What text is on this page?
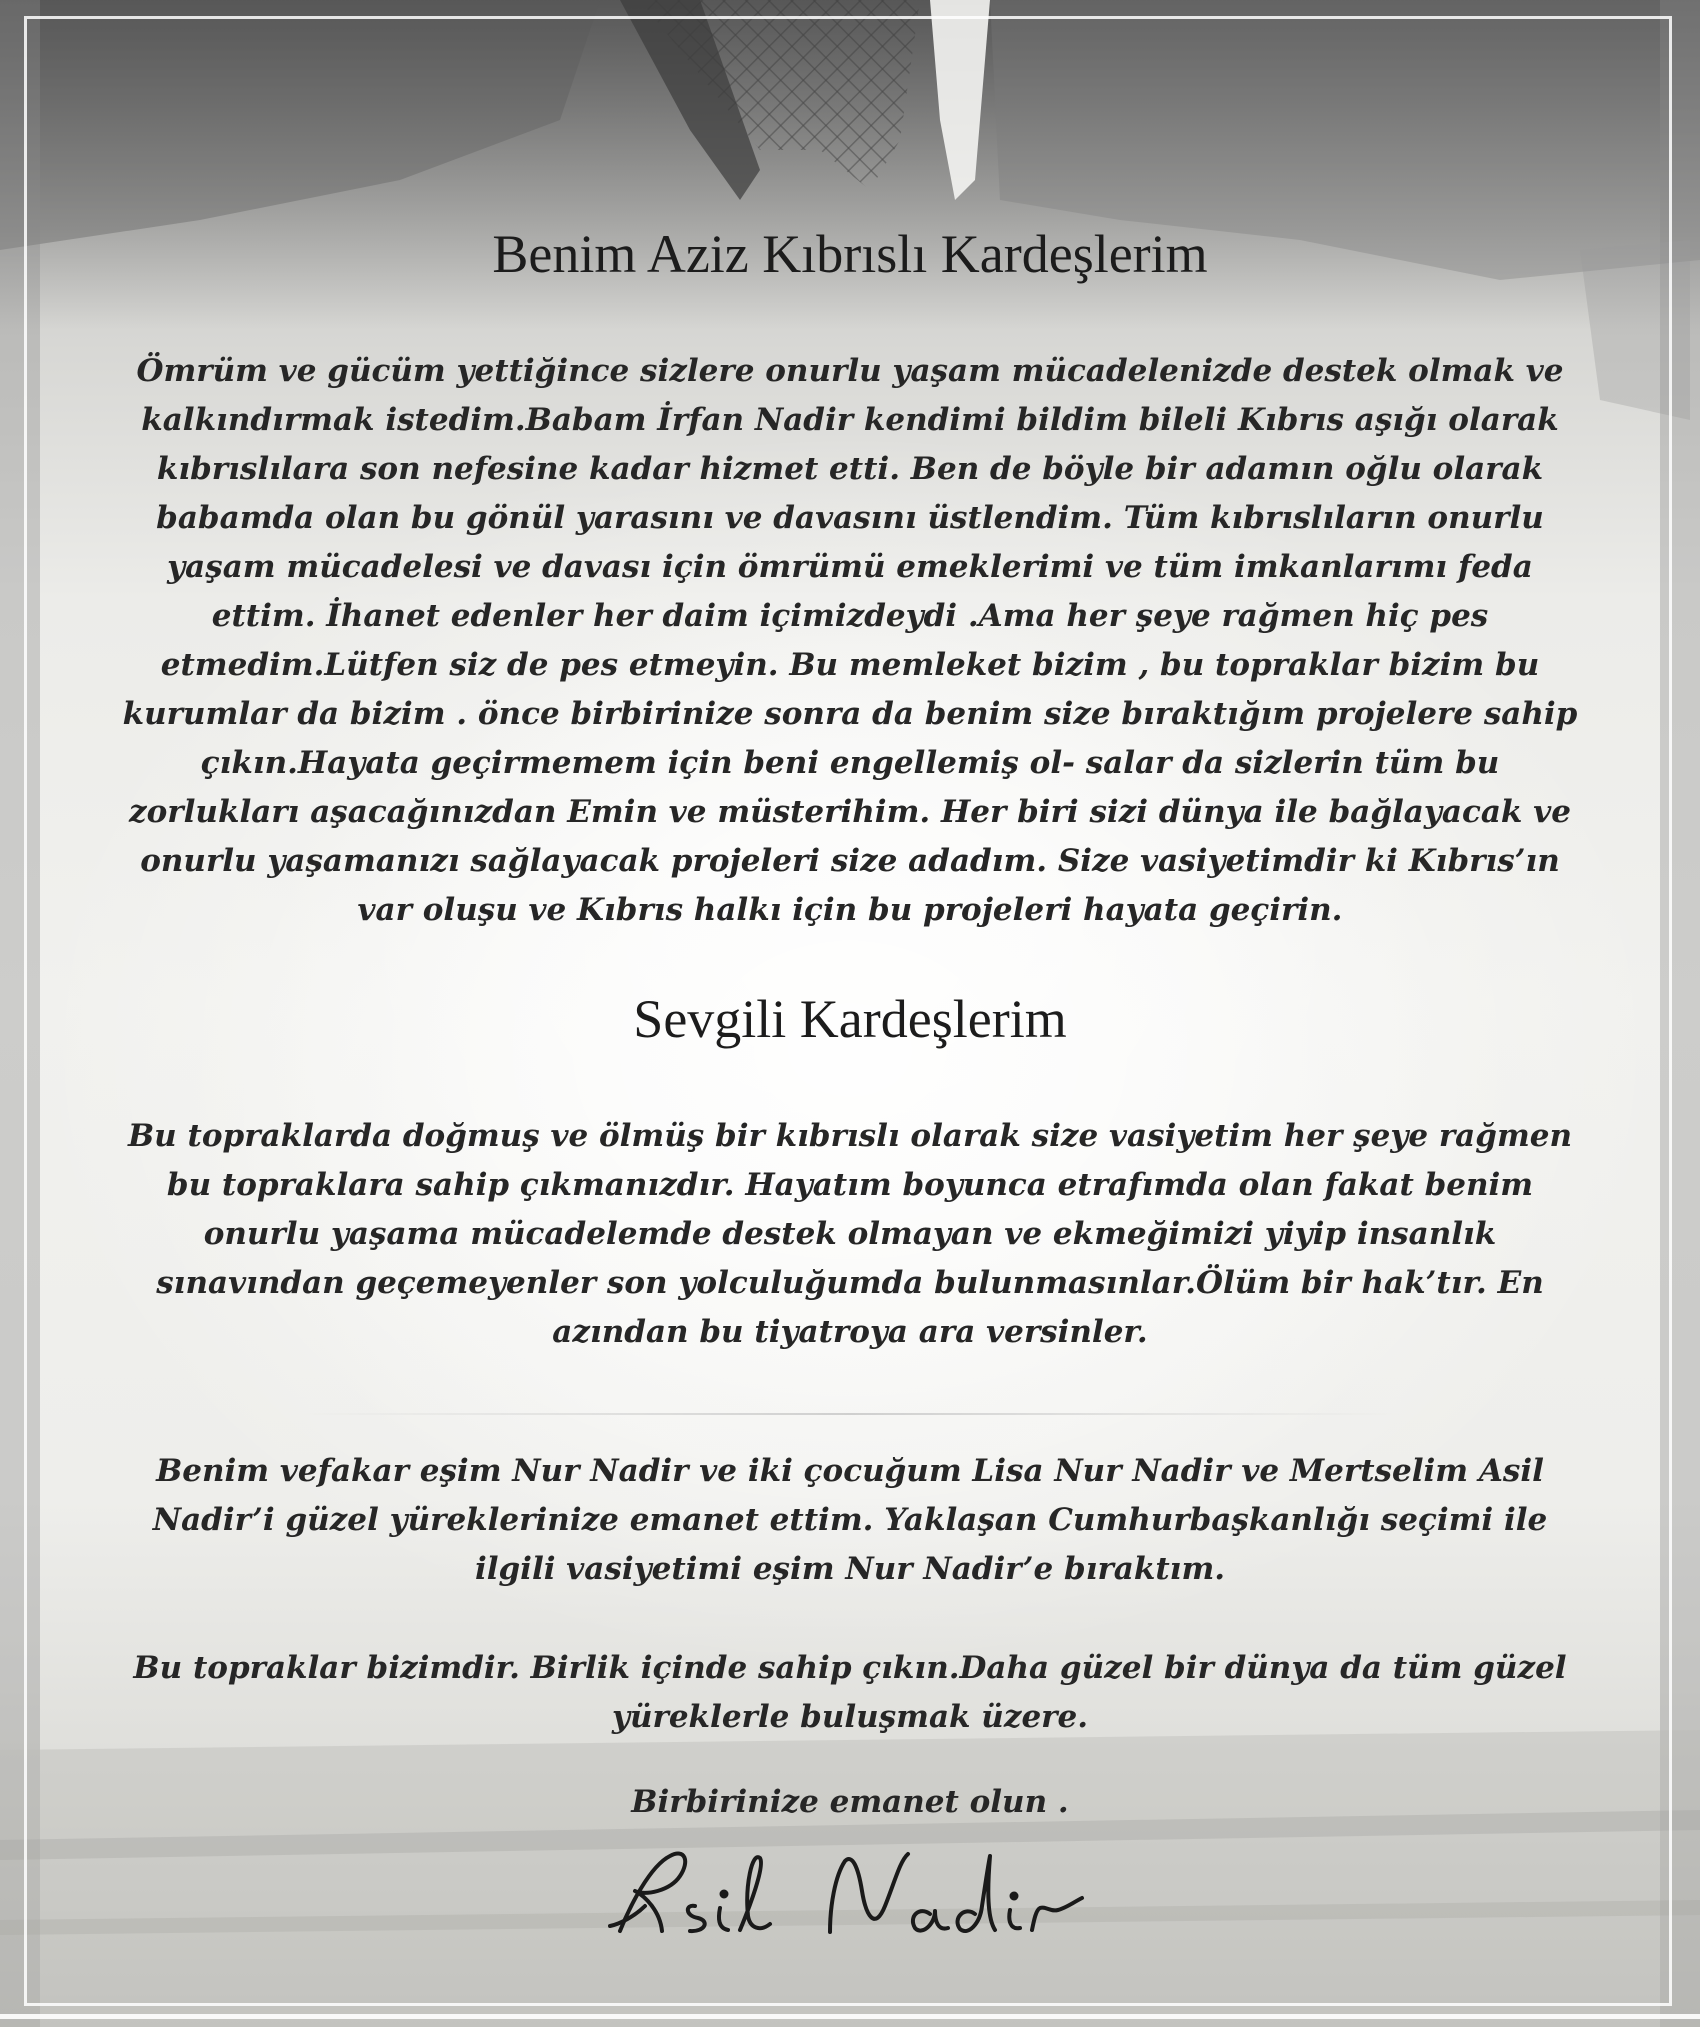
Benim Aziz Kıbrıslı Kardeşlerim

Ömrüm ve gücüm yettiğince sizlere onurlu yaşam mücadelenizde destek olmak ve kalkındırmak istedim.Babam İrfan Nadir kendimi bildim bileli Kıbrıs aşığı olarak kıbrıslılara son nefesine kadar hizmet etti. Ben de böyle bir adamın oğlu olarak babamda olan bu gönül yarasını ve davasını üstlendim. Tüm kıbrıslıların onurlu yaşam mücadelesi ve davası için ömrümü emeklerimi ve tüm imkanlarımı feda ettim. İhanet edenler her daim içimizdeydi .Ama her şeye rağmen hiç pes etmedim.Lütfen siz de pes etmeyin. Bu memleket bizim , bu topraklar bizim bu kurumlar da bizim . önce birbirinize sonra da benim size bıraktığım projelere sahip çıkın.Hayata geçirmemem için beni engellemiş ol- salar da sizlerin tüm bu zorlukları aşacağınızdan Emin ve müsterihim. Her biri sizi dünya ile bağlayacak ve onurlu yaşamanızı sağlayacak projeleri size adadım. Size vasiyetimdir ki Kıbrıs’ın var oluşu ve Kıbrıs halkı için bu projeleri hayata geçirin.

Sevgili Kardeşlerim

Bu topraklarda doğmuş ve ölmüş bir kıbrıslı olarak size vasiyetim her şeye rağmen bu topraklara sahip çıkmanızdır. Hayatım boyunca etrafımda olan fakat benim onurlu yaşama mücadelemde destek olmayan ve ekmeğimizi yiyip insanlık sınavından geçemeyenler son yolculuğumda bulunmasınlar.Ölüm bir hak’tır. En azından bu tiyatroya ara versinler.

Benim vefakar eşim Nur Nadir ve iki çocuğum Lisa Nur Nadir ve Mertselim Asil Nadir’i güzel yüreklerinize emanet ettim. Yaklaşan Cumhurbaşkanlığı seçimi ile ilgili vasiyetimi eşim Nur Nadir’e bıraktım.

Bu topraklar bizimdir. Birlik içinde sahip çıkın.Daha güzel bir dünya da tüm güzel yüreklerle buluşmak üzere.

Birbirinize emanet olun .
